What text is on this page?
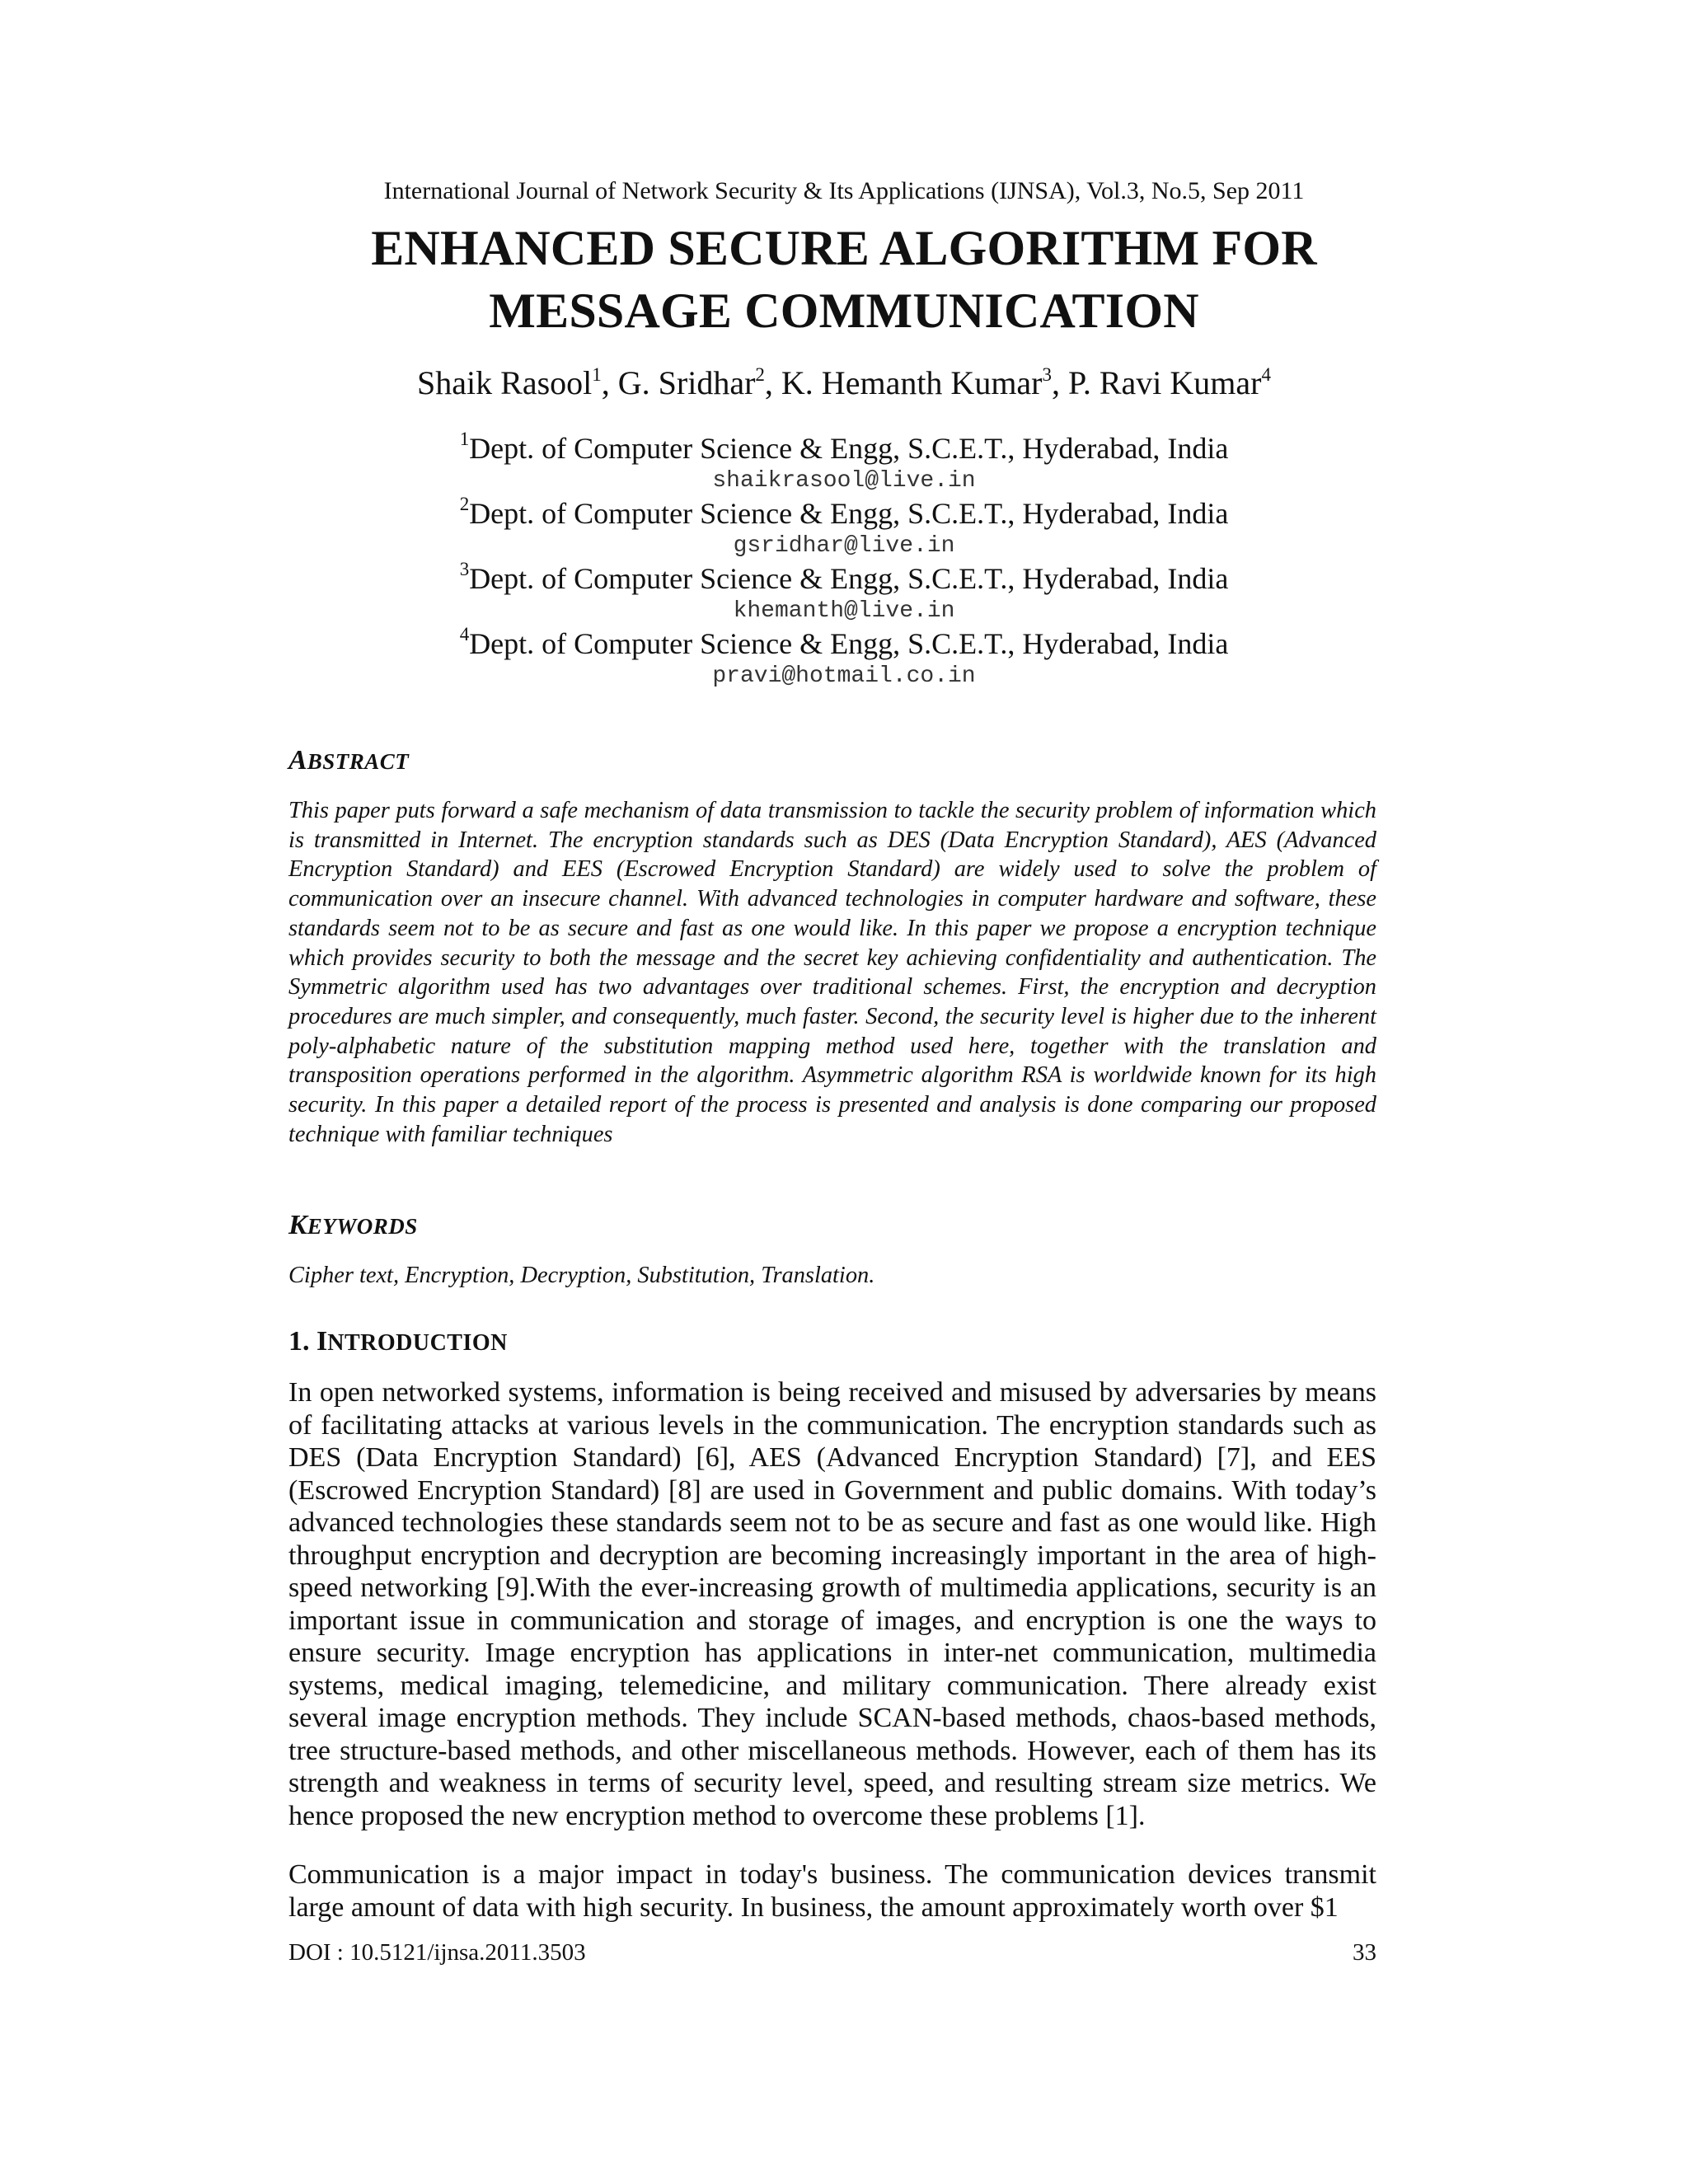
International Journal of Network Security & Its Applications (IJNSA), Vol.3, No.5, Sep 2011
ENHANCED SECURE ALGORITHM FOR
MESSAGE COMMUNICATION
Shaik Rasool$^1$, G. Sridhar$^2$, K. Hemanth Kumar$^3$, P. Ravi Kumar$^4$
$^1$Dept. of Computer Science & Engg, S.C.E.T., Hyderabad, India
shaikrasool@live.in
$^2$Dept. of Computer Science & Engg, S.C.E.T., Hyderabad, India
gsridhar@live.in
$^3$Dept. of Computer Science & Engg, S.C.E.T., Hyderabad, India
khemanth@live.in
$^4$Dept. of Computer Science & Engg, S.C.E.T., Hyderabad, India
pravi@hotmail.co.in
ABSTRACT
This paper puts forward a safe mechanism of data transmission to tackle the security problem of information which is transmitted in Internet. The encryption standards such as DES (Data Encryption Standard), AES (Advanced Encryption Standard) and EES (Escrowed Encryption Standard) are widely used to solve the problem of communication over an insecure channel. With advanced technologies in computer hardware and software, these standards seem not to be as secure and fast as one would like. In this paper we propose a encryption technique which provides security to both the message and the secret key achieving confidentiality and authentication. The Symmetric algorithm used has two advantages over traditional schemes. First, the encryption and decryption procedures are much simpler, and consequently, much faster. Second, the security level is higher due to the inherent poly-alphabetic nature of the substitution mapping method used here, together with the translation and transposition operations performed in the algorithm. Asymmetric algorithm RSA is worldwide known for its high security. In this paper a detailed report of the process is presented and analysis is done comparing our proposed technique with familiar techniques
KEYWORDS
Cipher text, Encryption, Decryption, Substitution, Translation.
1. INTRODUCTION
In open networked systems, information is being received and misused by adversaries by means of facilitating attacks at various levels in the communication. The encryption standards such as DES (Data Encryption Standard) [6], AES (Advanced Encryption Standard) [7], and EES (Escrowed Encryption Standard) [8] are used in Government and public domains. With today’s advanced technologies these standards seem not to be as secure and fast as one would like. High throughput encryption and decryption are becoming increasingly important in the area of high-speed networking [9].With the ever-increasing growth of multimedia applications, security is an important issue in communication and storage of images, and encryption is one the ways to ensure security. Image encryption has applications in inter-net communication, multimedia systems, medical imaging, telemedicine, and military communication. There already exist several image encryption methods. They include SCAN-based methods, chaos-based methods, tree structure-based methods, and other miscellaneous methods. However, each of them has its strength and weakness in terms of security level, speed, and resulting stream size metrics. We hence proposed the new encryption method to overcome these problems [1].
Communication is a major impact in today's business. The communication devices transmit large amount of data with high security. In business, the amount approximately worth over $1
DOI : 10.5121/ijnsa.2011.3503	33
